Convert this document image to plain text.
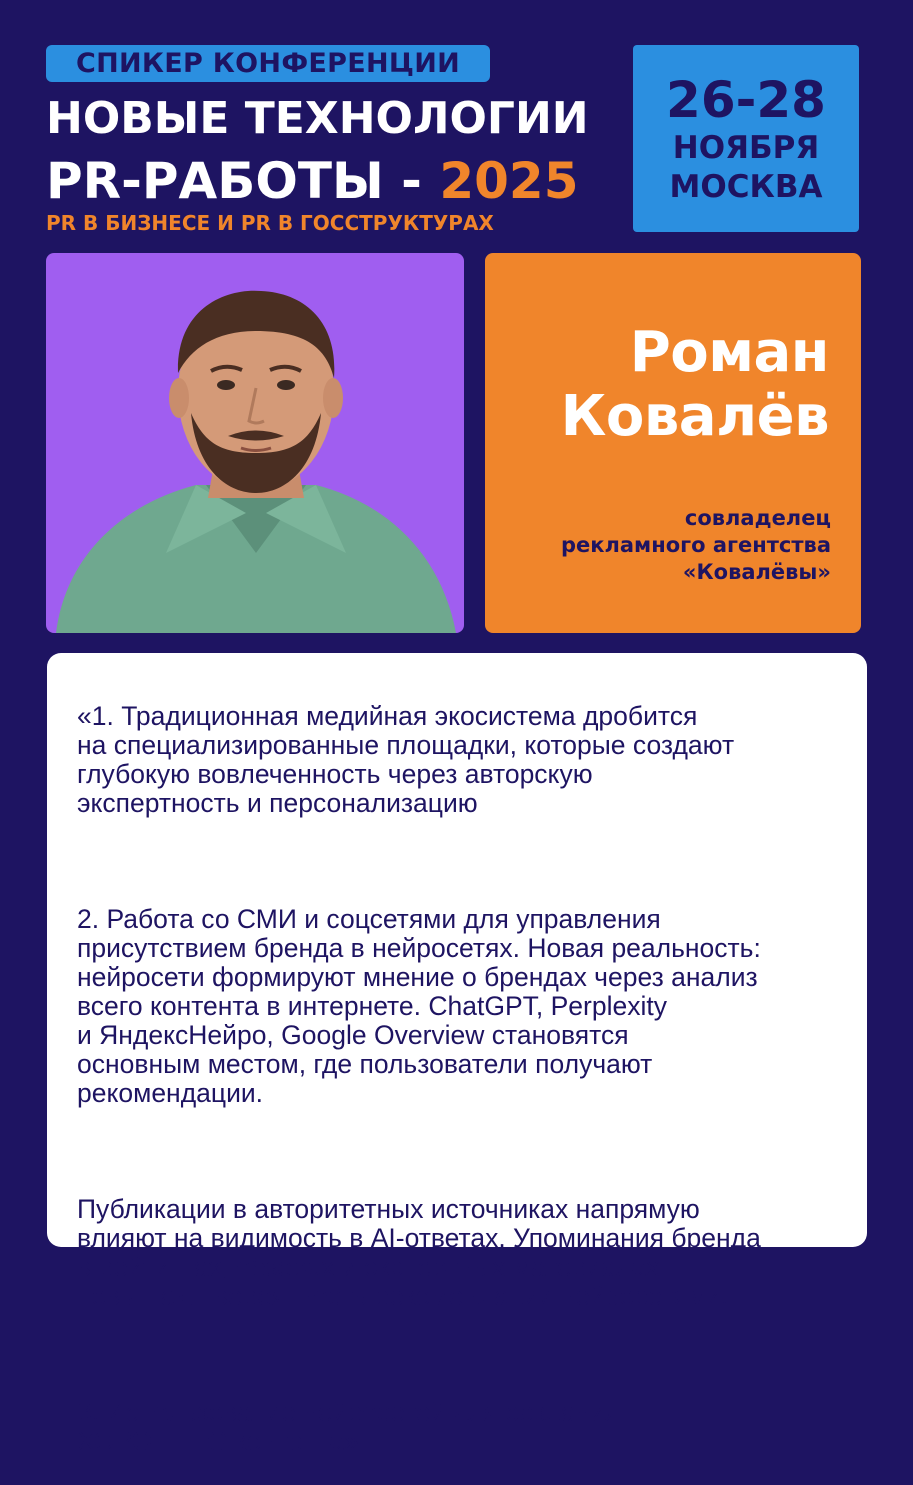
СПИКЕР КОНФЕРЕНЦИИ
НОВЫЕ ТЕХНОЛОГИИ
PR-РАБОТЫ - 2025
PR В БИЗНЕСЕ И PR В ГОССТРУКТУРАХ
26-28
НОЯБРЯ
МОСКВА
Роман
Ковалёв
совладелец
рекламного агентства
«Ковалёвы»

«1. Традиционная медийная экосистема дробится
на специализированные площадки, которые создают
глубокую вовлеченность через авторскую
экспертность и персонализацию

2. Работа со СМИ и соцсетями для управления
присутствием бренда в нейросетях. Новая реальность:
нейросети формируют мнение о брендах через анализ
всего контента в интернете. ChatGPT, Perplexity
и ЯндексНейро, Google Overview становятся
основным местом, где пользователи получают
рекомендации.

Публикации в авторитетных источниках напрямую
влияют на видимость в AI-ответах. Упоминания бренда
в рейтингах, обзорах и экспертных материалах
повышают вероятность рекомендации нейросетями.

3. Использование нейросетей для создания
ХОРОШЕГО контента»
